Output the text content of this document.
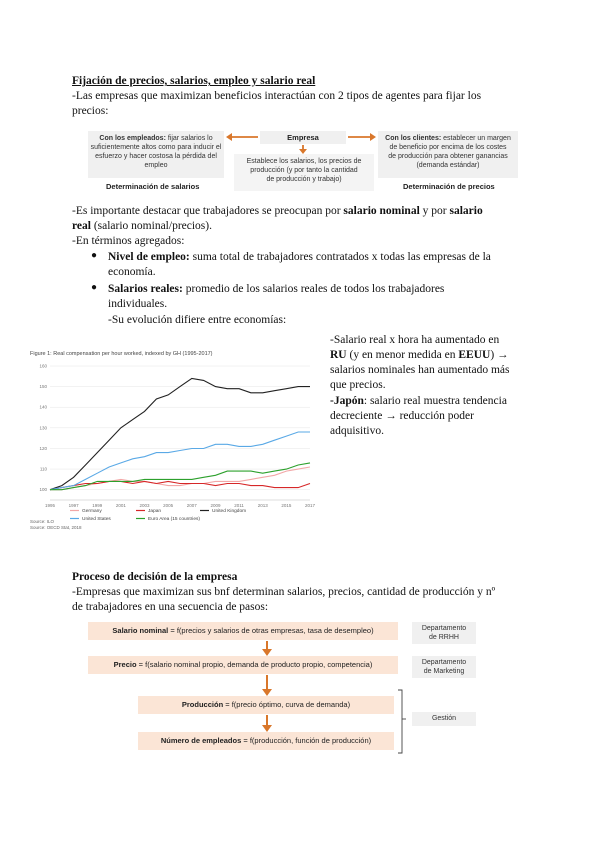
Fijación de precios, salarios, empleo y salario real
-Las empresas que maximizan beneficios interactúan con 2 tipos de agentes para fijar los
precios:
Con los empleados: fijar salarios lo
suficientemente altos como para inducir el
esfuerzo y hacer costosa la pérdida del
empleo
Determinación de salarios
Empresa
Establece los salarios, los precios de
producción (y por tanto la cantidad
de producción y trabajo)
Con los clientes: establecer un margen
de beneficio por encima de los costes
de producción para obtener ganancias
(demanda estándar)
Determinación de precios
-Es importante destacar que trabajadores se preocupan por salario nominal y por salario
real (salario nominal/precios).
-En términos agregados:
● Nivel de empleo: suma total de trabajadores contratados x todas las empresas de la
economía.
● Salarios reales: promedio de los salarios reales de todos los trabajadores
individuales.
-Su evolución difiere entre economías:
Figure 1: Real compensation per hour worked, indexed by GH (1995-2017)
100
110
120
130
140
150
160
1995	1997	1999	2001	2003	2005	2007	2009	2011	2013	2015	2017
Germany	Japan	United Kingdom
United States	Euro Area (15 countries)
Source: ILO
Source: OECD Stat, 2018
-Salario real x hora ha aumentado en
RU (y en menor medida en EEUU) →
salarios nominales han aumentado más
que precios.
-Japón: salario real muestra tendencia
decreciente → reducción poder
adquisitivo.
Proceso de decisión de la empresa
-Empresas que maximizan sus bnf determinan salarios, precios, cantidad de producción y nº
de trabajadores en una secuencia de pasos:
Salario nominal = f(precios y salarios de otras empresas, tasa de desempleo)
Precio = f(salario nominal propio, demanda de producto propio, competencia)
Producción = f(precio óptimo, curva de demanda)
Número de empleados = f(producción, función de producción)
Departamento
de RRHH
Departamento
de Marketing
Gestión
